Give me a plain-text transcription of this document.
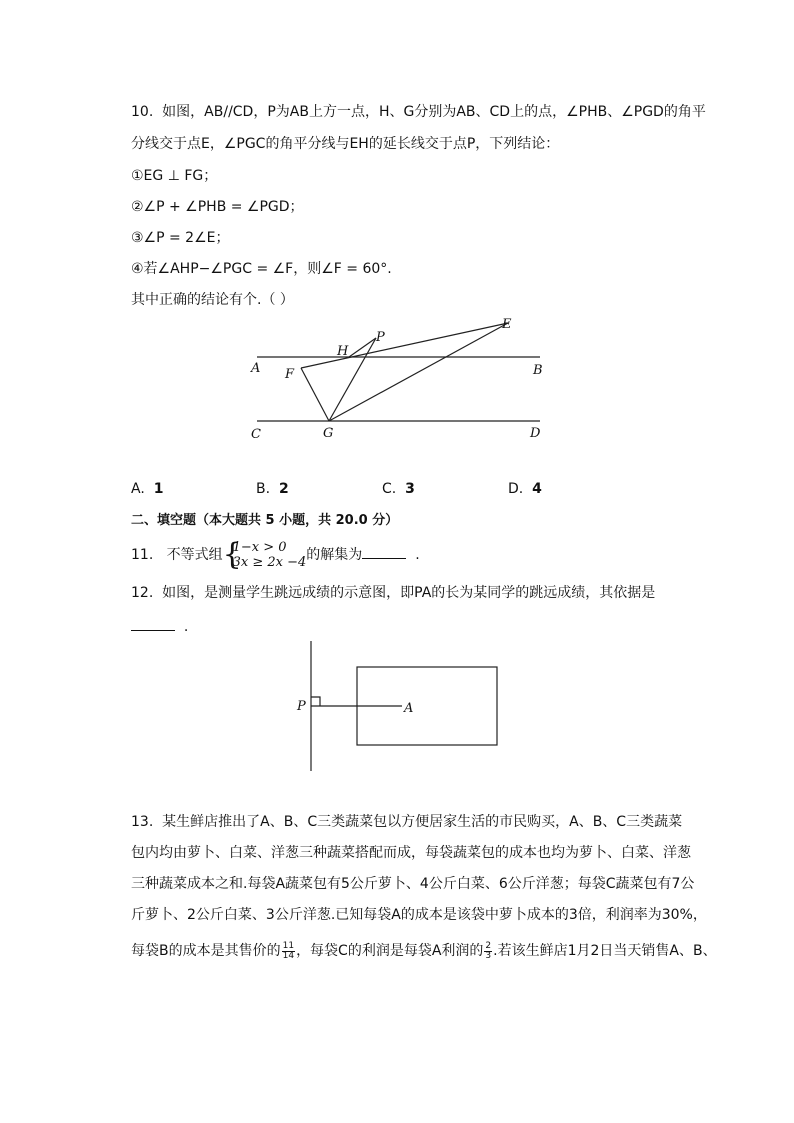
10.  如图，AB//CD，P为AB上方一点，H、G分别为AB、CD上的点，∠PHB、∠PGD的角平
分线交于点E，∠PGC的角平分线与EH的延长线交于点P，下列结论：
①EG ⊥ FG；
②∠P + ∠PHB = ∠PGD；
③∠P = 2∠E；
④若∠AHP−∠PGC = ∠F，则∠F = 60°.
其中正确的结论有个.（ ）
A	B
C	D
E
F
G
H
P
A. 1	B. 2	C. 3	D. 4
二、填空题（本大题共 5 小题，共 20.0 分）
11. 不等式组 {
1−x > 0
3x ≥ 2x −4 的解集为	.
12.  如图，是测量学生跳远成绩的示意图，即PA的长为某同学的跳远成绩，其依据是
.
P	A
13.  某生鲜店推出了A、B、C三类蔬菜包以方便居家生活的市民购买，A、B、C三类蔬菜
包内均由萝卜、白菜、洋葱三种蔬菜搭配而成，每袋蔬菜包的成本也均为萝卜、白菜、洋葱
三种蔬菜成本之和.每袋A蔬菜包有5公斤萝卜、4公斤白菜、6公斤洋葱；每袋C蔬菜包有7公
斤萝卜、2公斤白菜、3公斤洋葱.已知每袋A的成本是该袋中萝卜成本的3倍，利润率为30%，
每袋B的成本是其售价的 $\frac{11}{14}$ ，每袋C的利润是每袋A利润的 $\frac{2}{3}$ .若该生鲜店1月2日当天销售A、B、
